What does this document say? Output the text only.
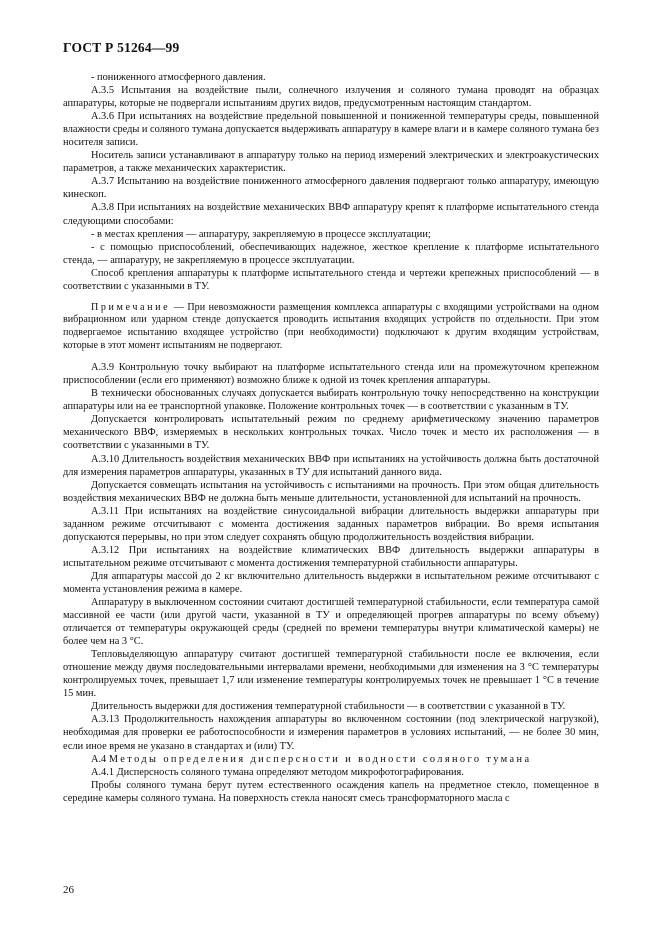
ГОСТ Р 51264—99

- пониженного атмосферного давления.

А.3.5 Испытания на воздействие пыли, солнечного излучения и соляного тумана проводят на образцах аппаратуры, которые не подвергали испытаниям других видов, предусмотренным настоящим стандартом.

А.3.6 При испытаниях на воздействие предельной повышенной и пониженной температуры среды, повышенной влажности среды и соляного тумана допускается выдерживать аппаратуру в камере влаги и в камере соляного тумана без носителя записи.

Носитель записи устанавливают в аппаратуру только на период измерений электрических и электроакустических параметров, а также механических характеристик.

А.3.7 Испытанию на воздействие пониженного атмосферного давления подвергают только аппаратуру, имеющую кинескоп.

А.3.8 При испытаниях на воздействие механических ВВФ аппаратуру крепят к платформе испытательного стенда следующими способами:

- в местах крепления — аппаратуру, закрепляемую в процессе эксплуатации;

- с помощью приспособлений, обеспечивающих надежное, жесткое крепление к платформе испытательного стенда, — аппаратуру, не закрепляемую в процессе эксплуатации.

Способ крепления аппаратуры к платформе испытательного стенда и чертежи крепежных приспособлений — в соответствии с указанными в ТУ.

Примечание — При невозможности размещения комплекса аппаратуры с входящими устройствами на одном вибрационном или ударном стенде допускается проводить испытания входящих устройств по отдельности. При этом подвергаемое испытанию входящее устройство (при необходимости) подключают к другим входящим устройствам, которые в этот момент испытаниям не подвергают.

А.3.9 Контрольную точку выбирают на платформе испытательного стенда или на промежуточном крепежном приспособлении (если его применяют) возможно ближе к одной из точек крепления аппаратуры.

В технически обоснованных случаях допускается выбирать контрольную точку непосредственно на конструкции аппаратуры или на ее транспортной упаковке. Положение контрольных точек — в соответствии с указанным в ТУ.

Допускается контролировать испытательный режим по среднему арифметическому значению параметров механического ВВФ, измеряемых в нескольких контрольных точках. Число точек и место их расположения — в соответствии с указанными в ТУ.

А.3.10 Длительность воздействия механических ВВФ при испытаниях на устойчивость должна быть достаточной для измерения параметров аппаратуры, указанных в ТУ для испытаний данного вида.

Допускается совмещать испытания на устойчивость с испытаниями на прочность. При этом общая длительность воздействия механических ВВФ не должна быть меньше длительности, установленной для испытаний на прочность.

А.3.11 При испытаниях на воздействие синусоидальной вибрации длительность выдержки аппаратуры при заданном режиме отсчитывают с момента достижения заданных параметров вибрации. Во время испытания допускаются перерывы, но при этом следует сохранять общую продолжительность воздействия вибрации.

А.3.12 При испытаниях на воздействие климатических ВВФ длительность выдержки аппаратуры в испытательном режиме отсчитывают с момента достижения температурной стабильности аппаратуры.

Для аппаратуры массой до 2 кг включительно длительность выдержки в испытательном режиме отсчитывают с момента установления режима в камере.

Аппаратуру в выключенном состоянии считают достигшей температурной стабильности, если температура самой массивной ее части (или другой части, указанной в ТУ и определяющей прогрев аппаратуры по всему объему) отличается от температуры окружающей среды (средней по времени температуры внутри климатической камеры) не более чем на 3 °С.

Тепловыделяющую аппаратуру считают достигшей температурной стабильности после ее включения, если отношение между двумя последовательными интервалами времени, необходимыми для изменения на 3 °С температуры контролируемых точек, превышает 1,7 или изменение температуры контролируемых точек не превышает 1 °С в течение 15 мин.

Длительность выдержки для достижения температурной стабильности — в соответствии с указанной в ТУ.

А.3.13 Продолжительность нахождения аппаратуры во включенном состоянии (под электрической нагрузкой), необходимая для проверки ее работоспособности и измерения параметров в условиях испытаний, — не более 30 мин, если иное время не указано в стандартах и (или) ТУ.

А.4 Методы определения дисперсности и водности соляного тумана

А.4.1 Дисперсность соляного тумана определяют методом микрофотографирования.

Пробы соляного тумана берут путем естественного осаждения капель на предметное стекло, помещенное в середине камеры соляного тумана. На поверхность стекла наносят смесь трансформаторного масла с

26
